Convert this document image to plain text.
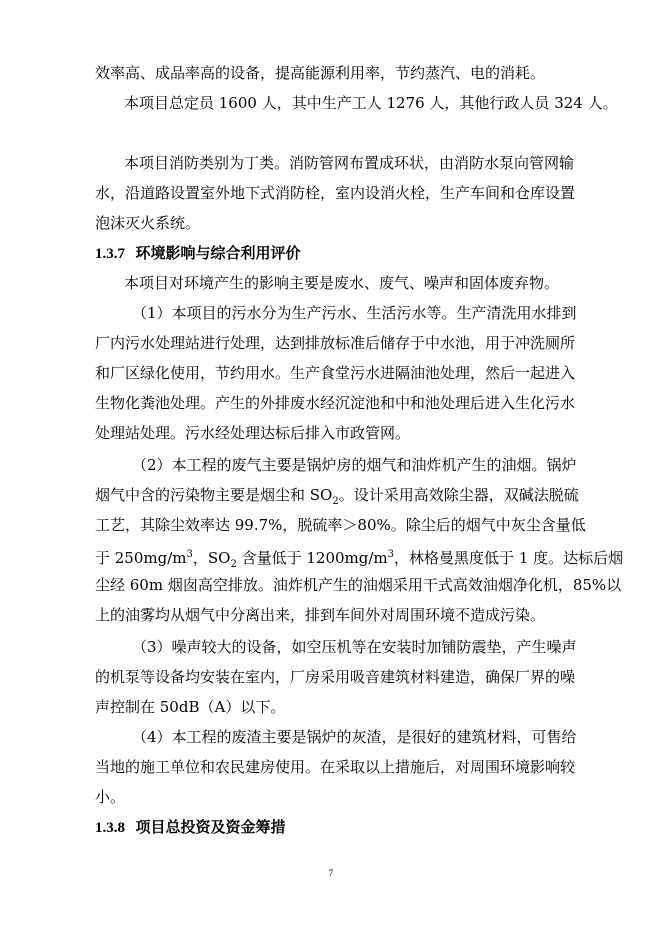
效率高、成品率高的设备，提高能源利用率，节约蒸汽、电的消耗。
本项目总定员 1600 人，其中生产工人 1276 人，其他行政人员 324 人。
本项目消防类别为丁类。消防管网布置成环状，由消防水泵向管网输
水，沿道路设置室外地下式消防栓，室内设消火栓，生产车间和仓库设置
泡沫灭火系统。
1.3.7 环境影响与综合利用评价
本项目对环境产生的影响主要是废水、废气、噪声和固体废弃物。
（1）本项目的污水分为生产污水、生活污水等。生产清洗用水排到
厂内污水处理站进行处理，达到排放标准后储存于中水池，用于冲洗厕所
和厂区绿化使用，节约用水。生产食堂污水进隔油池处理，然后一起进入
生物化粪池处理。产生的外排废水经沉淀池和中和池处理后进入生化污水
处理站处理。污水经处理达标后排入市政管网。
（2）本工程的废气主要是锅炉房的烟气和油炸机产生的油烟。锅炉
烟气中含的污染物主要是烟尘和 $SO_2$。设计采用高效除尘器，双碱法脱硫
工艺，其除尘效率达 99.7%，脱硫率＞80%。除尘后的烟气中灰尘含量低
于 $250mg/m^3$，$SO_2$ 含量低于 $1200mg/m^3$，林格曼黑度低于 1 度。达标后烟
尘经 60m 烟囱高空排放。油炸机产生的油烟采用干式高效油烟净化机，85%以
上的油雾均从烟气中分离出来，排到车间外对周围环境不造成污染。
（3）噪声较大的设备，如空压机等在安装时加铺防震垫，产生噪声
的机泵等设备均安装在室内，厂房采用吸音建筑材料建造，确保厂界的噪
声控制在 50dB（A）以下。
（4）本工程的废渣主要是锅炉的灰渣，是很好的建筑材料，可售给
当地的施工单位和农民建房使用。在采取以上措施后，对周围环境影响较
小。
1.3.8 项目总投资及资金筹措
7
